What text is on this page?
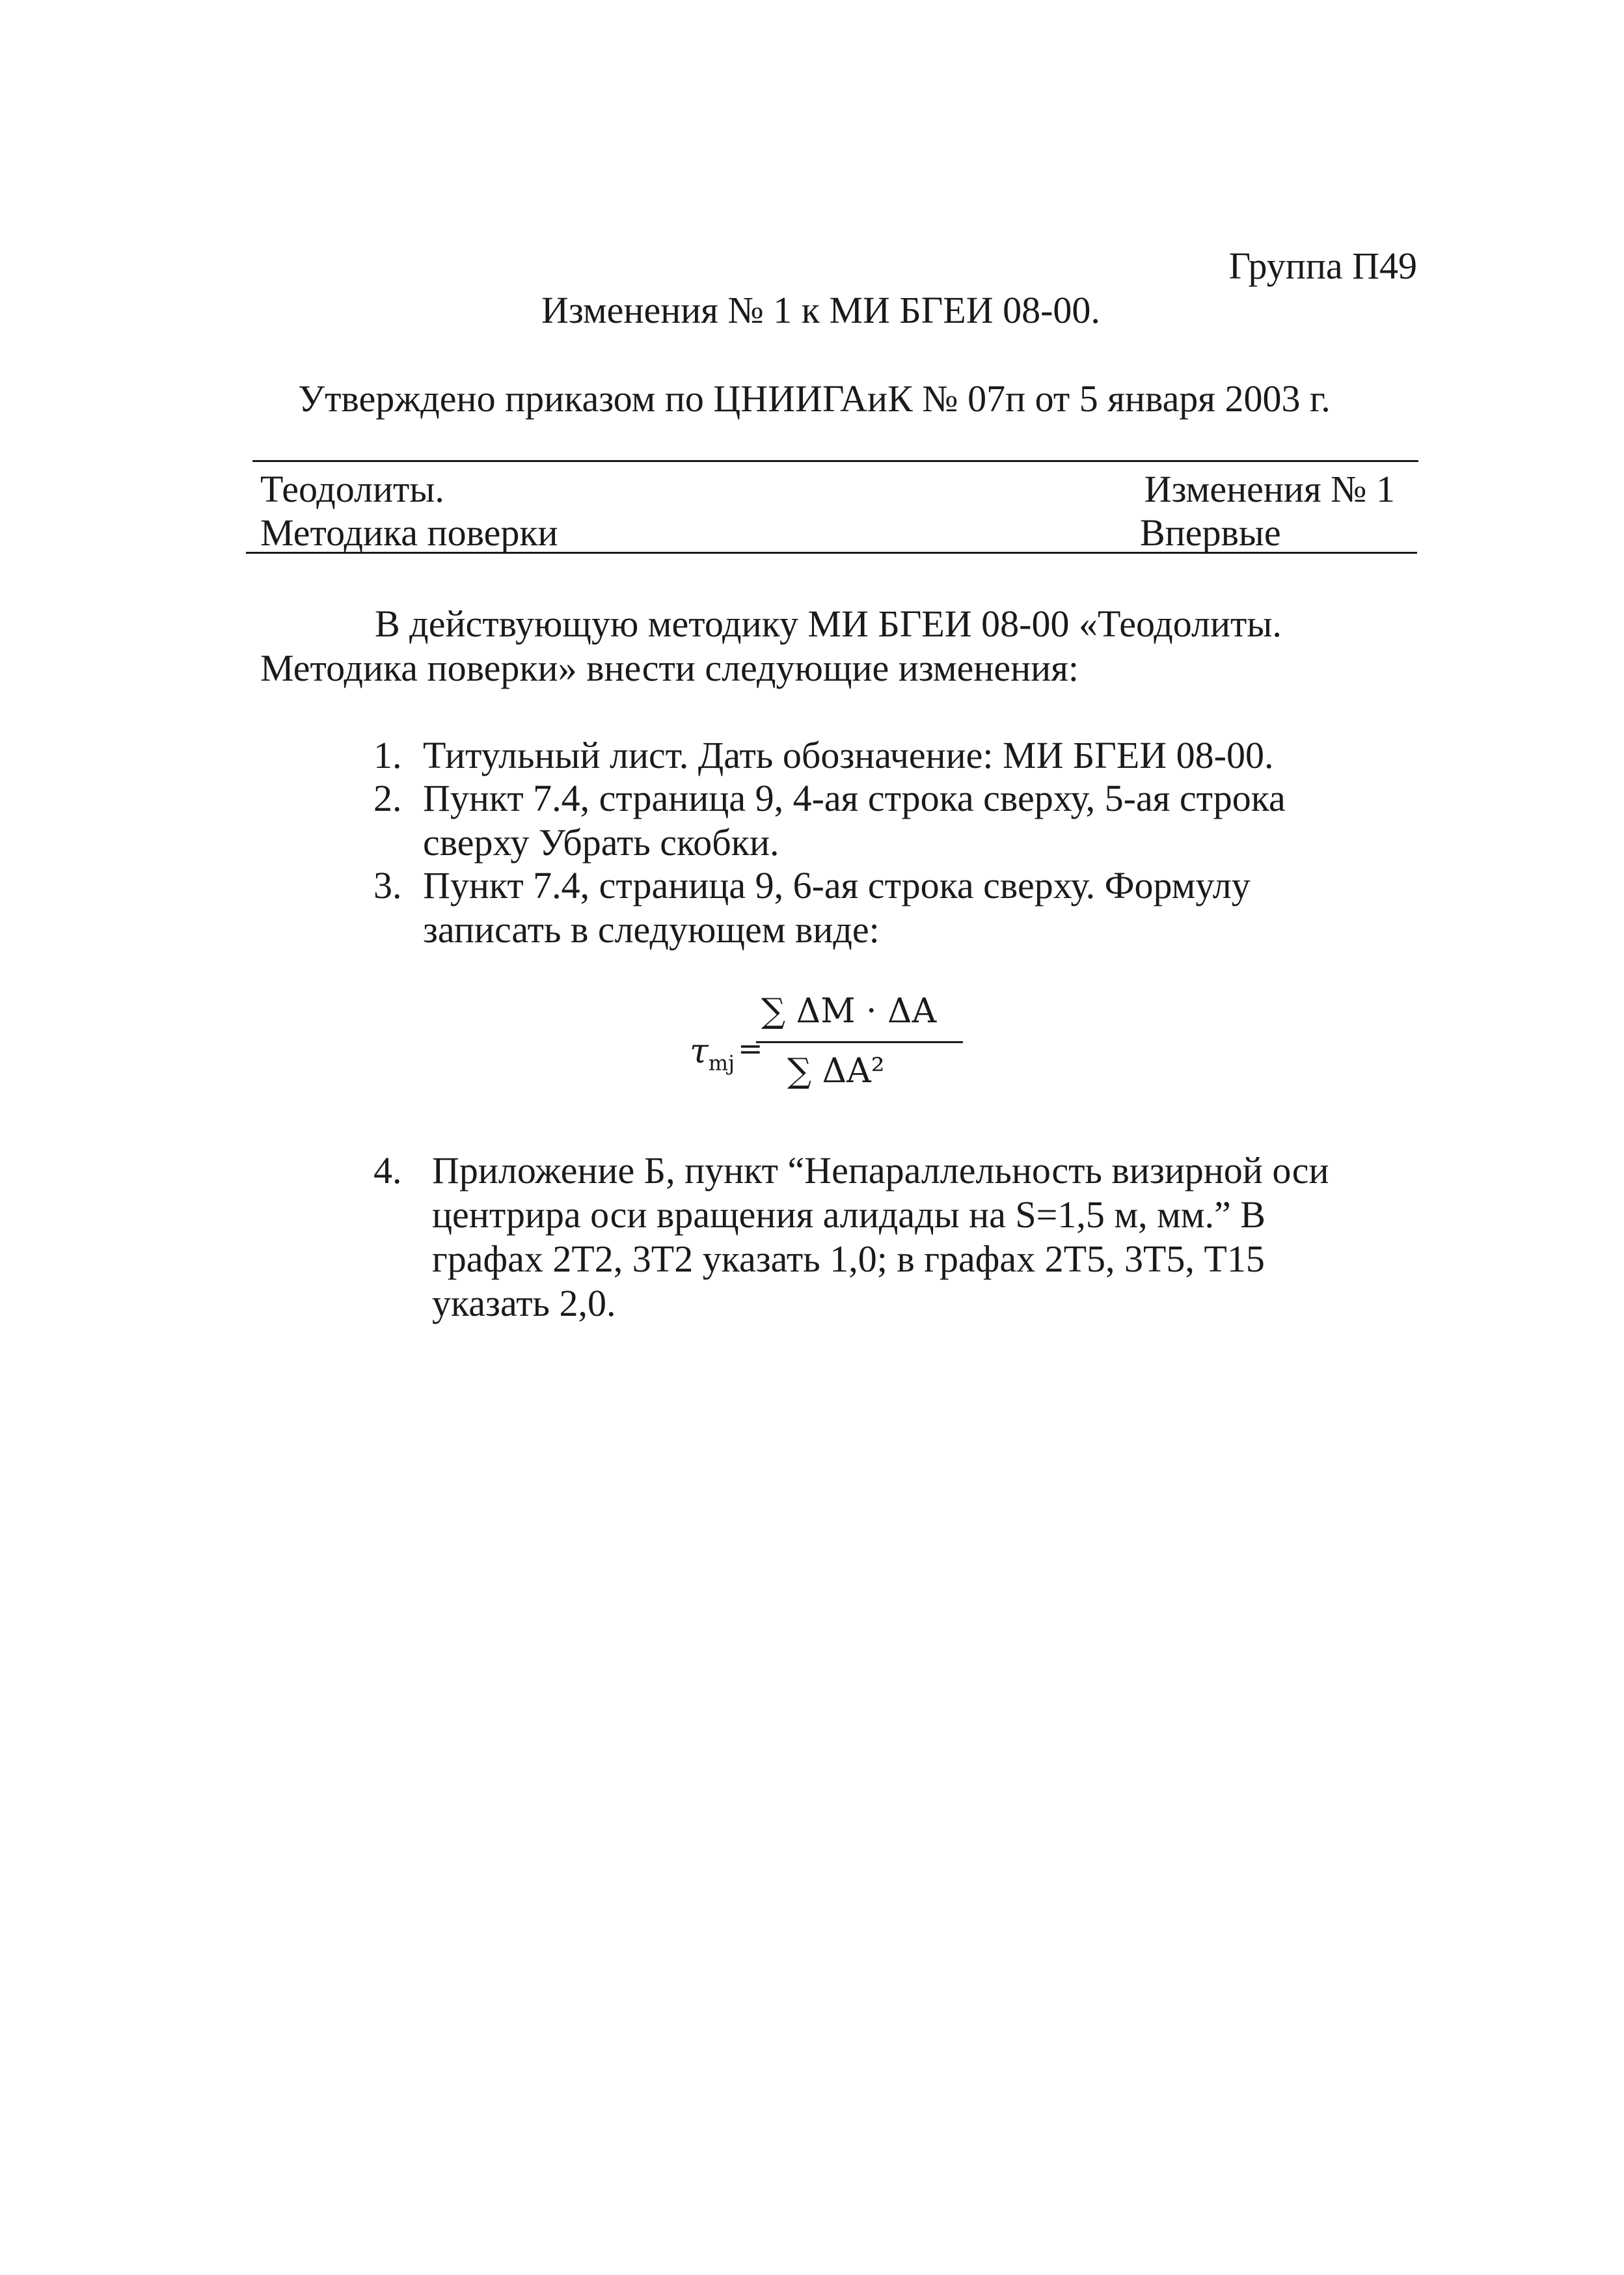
Группа П49
Изменения № 1 к МИ БГЕИ 08-00.
Утверждено приказом по ЦНИИГАиК № 07п от 5 января 2003 г.
Теодолиты.
Методика поверки
Изменения № 1
Впервые
В действующую методику МИ БГЕИ 08-00 «Теодолиты.
Методика поверки» внести следующие изменения:
1. Титульный лист. Дать обозначение: МИ БГЕИ 08-00.
2. Пункт 7.4, страница 9, 4-ая строка сверху, 5-ая строка
сверху Убрать скобки.
3. Пункт 7.4, страница 9, 6-ая строка сверху. Формулу
записать в следующем виде:
$\tau_{mj}$ =
∑ ΔM · ΔA
∑ ΔA²
4. Приложение Б, пункт “Непараллельность визирной оси
центрира оси вращения алидады на S=1,5 м, мм.” В
графах 2Т2, 3Т2 указать 1,0; в графах 2Т5, 3Т5, Т15
указать 2,0.
